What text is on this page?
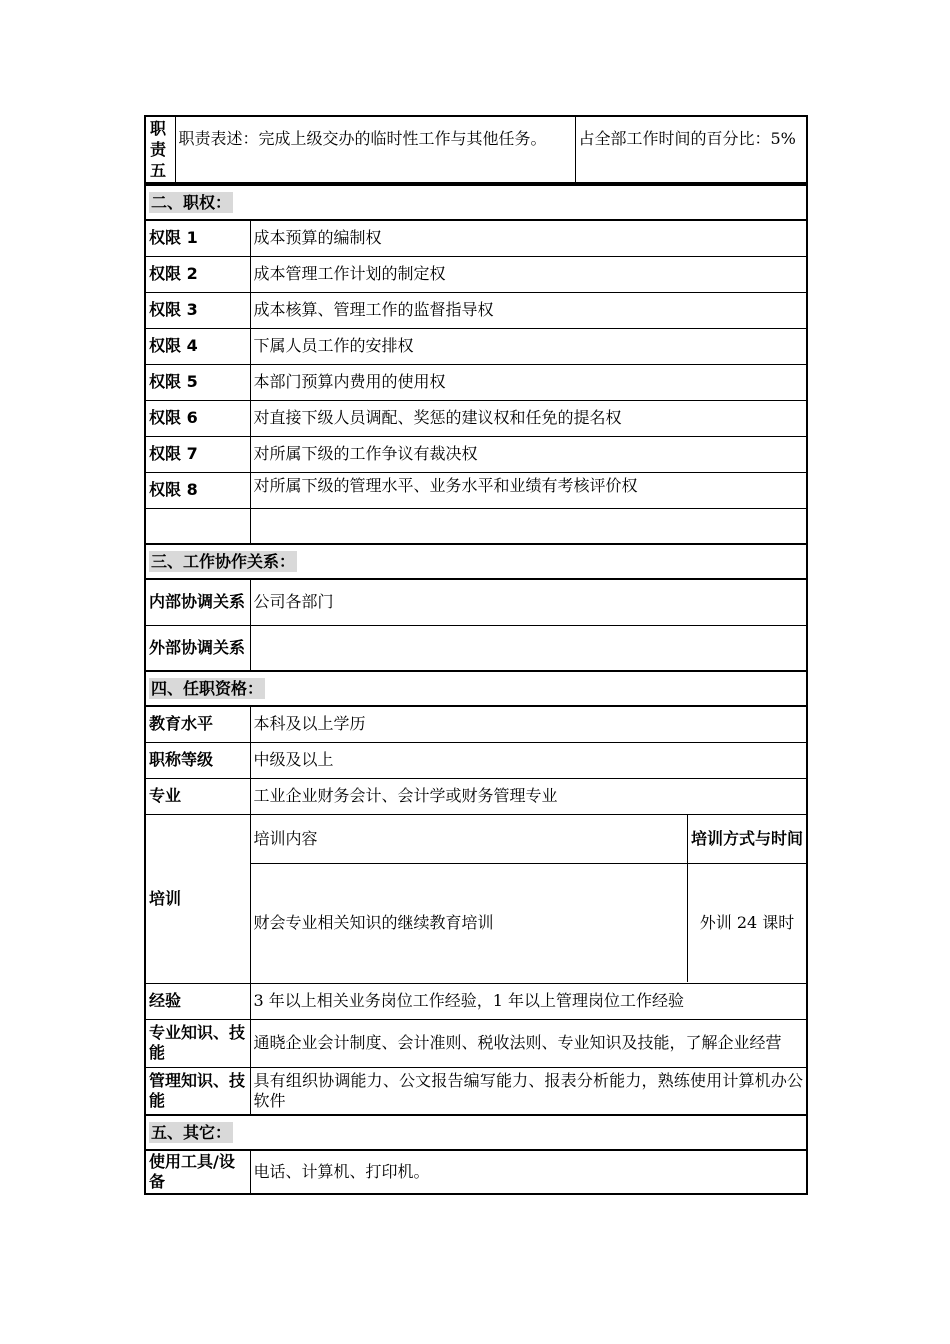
职
责
五	职责表述：完成上级交办的临时性工作与其他任务。	占全部工作时间的百分比：5%
二、职权：
权限 1	成本预算的编制权
权限 2	成本管理工作计划的制定权
权限 3	成本核算、管理工作的监督指导权
权限 4	下属人员工作的安排权
权限 5	本部门预算内费用的使用权
权限 6	对直接下级人员调配、奖惩的建议权和任免的提名权
权限 7	对所属下级的工作争议有裁决权
权限 8	对所属下级的管理水平、业务水平和业绩有考核评价权

三、工作协作关系：
内部协调关系	公司各部门
外部协调关系	
四、任职资格：
教育水平	本科及以上学历
职称等级	中级及以上
专业	工业企业财务会计、会计学或财务管理专业
培训	
培训内容	培训方式与时间
财会专业相关知识的继续教育培训	外训 24 课时

经验	3 年以上相关业务岗位工作经验，1 年以上管理岗位工作经验
专业知识、技能	通晓企业会计制度、会计准则、税收法则、专业知识及技能，了解企业经营
管理知识、技能	具有组织协调能力、公文报告编写能力、报表分析能力，熟练使用计算机办公软件
五、其它：
使用工具/设备	电话、计算机、打印机。
